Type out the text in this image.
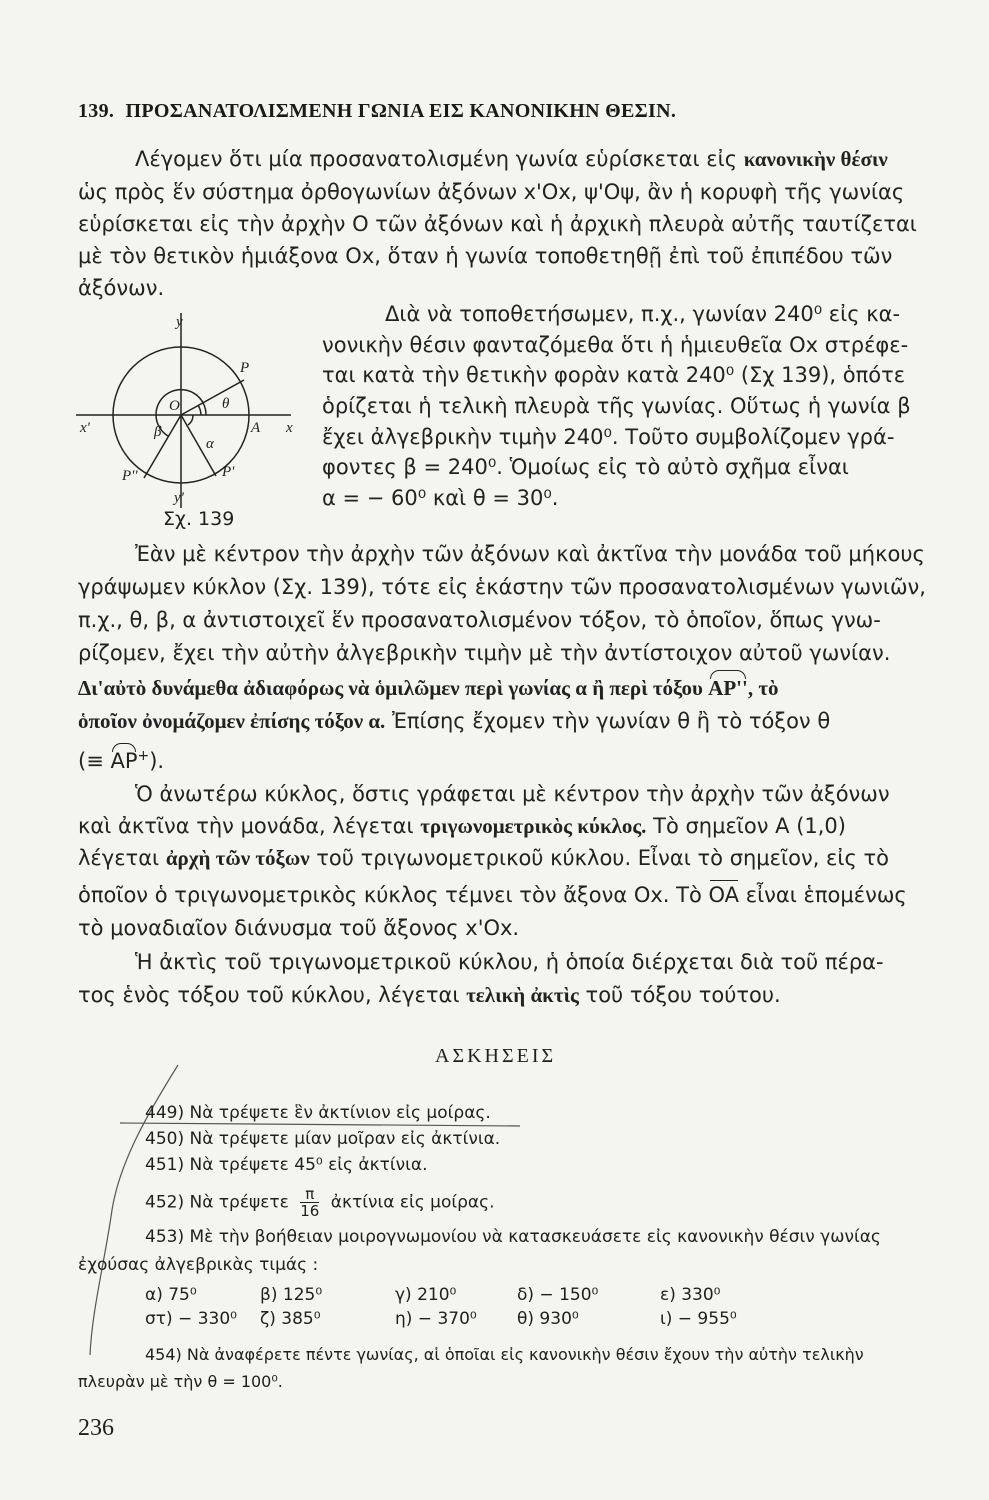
139. ΠΡΟΣΑΝΑΤΟΛΙΣΜΕΝΗ ΓΩΝΙΑ ΕΙΣ ΚΑΝΟΝΙΚΗΝ ΘΕΣΙΝ.
Λέγομεν ὅτι μία προσανατολισμένη γωνία εὑρίσκεται εἰς κανονικὴν θέσιν
ὡς πρὸς ἕν σύστημα ὀρθογωνίων ἀξόνων x'Ox, ψ'Oψ, ἂν ἡ κορυφὴ τῆς γωνίας
εὑρίσκεται εἰς τὴν ἀρχὴν O τῶν ἀξόνων καὶ ἡ ἀρχικὴ πλευρὰ αὐτῆς ταυτίζεται
μὲ τὸν θετικὸν ἡμιάξονα Ox, ὅταν ἡ γωνία τοποθετηθῇ ἐπὶ τοῦ ἐπιπέδου τῶν
ἀξόνων.
Διὰ νὰ τοποθετήσωμεν, π.χ., γωνίαν 240⁰ εἰς κα-
νονικὴν θέσιν φανταζόμεθα ὅτι ἡ ἡμιευθεῖα Ox στρέφε-
ται κατὰ τὴν θετικὴν φορὰν κατὰ 240⁰ (Σχ 139), ὁπότε
ὁρίζεται ἡ τελικὴ πλευρὰ τῆς γωνίας. Οὕτως ἡ γωνία β
ἔχει ἀλγεβρικὴν τιμὴν 240⁰. Τοῦτο συμβολίζομεν γρά-
φοντες β = 240⁰. Ὁμοίως εἰς τὸ αὐτὸ σχῆμα εἶναι
α = − 60⁰ καὶ θ = 30⁰.
y
y'
x
x'
P
P'
P''
A
O	θ
β
α
Σχ. 139
Ἐὰν μὲ κέντρον τὴν ἀρχὴν τῶν ἀξόνων καὶ ἀκτῖνα τὴν μονάδα τοῦ μήκους
γράψωμεν κύκλον (Σχ. 139), τότε εἰς ἑκάστην τῶν προσανατολισμένων γωνιῶν,
π.χ., θ, β, α ἀντιστοιχεῖ ἕν προσανατολισμένον τόξον, τὸ ὁποῖον, ὅπως γνω-
ρίζομεν, ἔχει τὴν αὐτὴν ἀλγεβρικὴν τιμὴν μὲ τὴν ἀντίστοιχον αὐτοῦ γωνίαν.
Δι'αὐτὸ δυνάμεθα ἀδιαφόρως νὰ ὁμιλῶμεν περὶ γωνίας α ἢ περὶ τόξου AP'', τὸ
ὁποῖον ὀνομάζομεν ἐπίσης τόξον α. Ἐπίσης ἔχομεν τὴν γωνίαν θ ἢ τὸ τόξον θ
(≡ AP+).
Ὁ ἀνωτέρω κύκλος, ὅστις γράφεται μὲ κέντρον τὴν ἀρχὴν τῶν ἀξόνων
καὶ ἀκτῖνα τὴν μονάδα, λέγεται τριγωνομετρικὸς κύκλος. Τὸ σημεῖον A (1,0)
λέγεται ἀρχὴ τῶν τόξων τοῦ τριγωνομετρικοῦ κύκλου. Εἶναι τὸ σημεῖον, εἰς τὸ
ὁποῖον ὁ τριγωνομετρικὸς κύκλος τέμνει τὸν ἄξονα Ox. Τὸ OA εἶναι ἑπομένως
τὸ μοναδιαῖον διάνυσμα τοῦ ἄξονος x'Ox.
Ἡ ἀκτὶς τοῦ τριγωνομετρικοῦ κύκλου, ἡ ὁποία διέρχεται διὰ τοῦ πέρα-
τος ἑνὸς τόξου τοῦ κύκλου, λέγεται τελικὴ ἀκτὶς τοῦ τόξου τούτου.
ΑΣΚΗΣΕΙΣ
449) Νὰ τρέψετε ἓν ἀκτίνιον εἰς μοίρας.
450) Νὰ τρέψετε μίαν μοῖραν εἰς ἀκτίνια.
451) Νὰ τρέψετε 45⁰ εἰς ἀκτίνια.
452) Νὰ τρέψετε $\frac{\pi}{16}$ ἀκτίνια εἰς μοίρας.
453) Μὲ τὴν βοήθειαν μοιρογνωμονίου νὰ κατασκευάσετε εἰς κανονικὴν θέσιν γωνίας
ἐχούσας ἀλγεβρικὰς τιμάς :
α) 75⁰	β) 125⁰	γ) 210⁰	δ) − 150⁰	ε) 330⁰
στ) − 330⁰ ζ) 385⁰	η) − 370⁰ θ) 930⁰	ι) − 955⁰
454) Νὰ ἀναφέρετε πέντε γωνίας, αἱ ὁποῖαι εἰς κανονικὴν θέσιν ἔχουν τὴν αὐτὴν τελικὴν
πλευρὰν μὲ τὴν θ = 100⁰.
236
